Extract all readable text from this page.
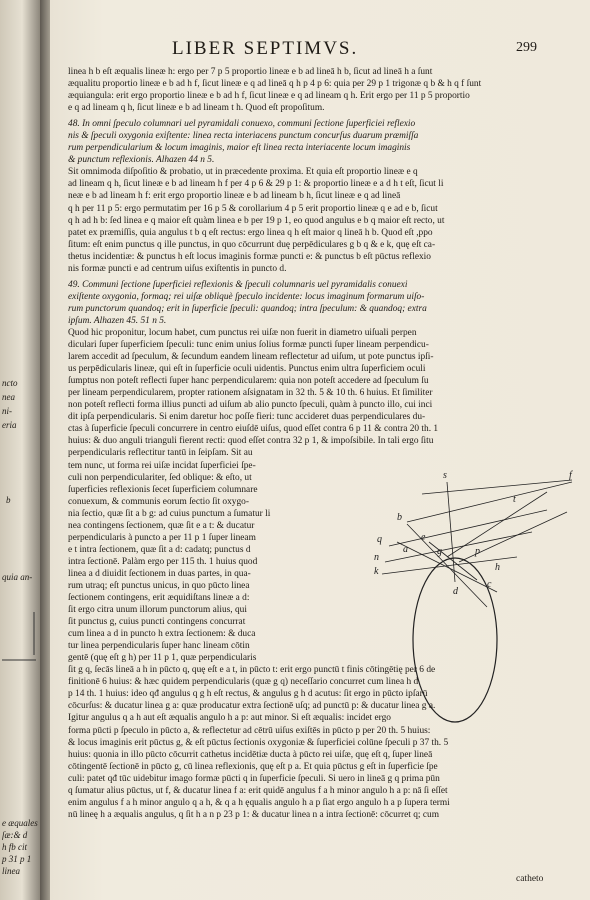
ncto
nea
ni-
eria
b
quia an-
e æquales
ſæ:& d
h fb cit
p 31 p 1
linea
LIBER SEPTIMVS.	299
linea h b eſt æqualis lineæ h: ergo per 7 p 5 proportio lineæ e b ad lineā h b, ſicut ad lineā h a ſunt
æqualitu proportio lineæ e b ad h f, ſicut lineæ e q ad lineā q h p 4 p 6: quia per 29 p 1 trigonæ q b & h q f ſunt
æquiangula: erit ergo proportio lineæ e b ad h f, ſicut lineæ e q ad lineam q h. Erit ergo per 11 p 5 proportio
e q ad lineam q h, ſicut lineæ e b ad lineam t h. Quod eſt propoſitum.
48. In omni ſpeculo columnari uel pyramidali conuexo, communi ſectione ſuperficiei reflexio
nis & ſpeculi oxygonia exiſtente: linea recta interiacens punctum concurſus duarum præmiſſa
rum perpendicularium & locum imaginis, maior eſt linea recta interiacente locum imaginis
& punctum reflexionis. Alhazen 44 n 5.
Sit omnimoda diſpoſitio & probatio, ut in præcedente proxima. Et quia eſt proportio lineæ e q
ad lineam q h, ſicut lineæ e b ad lineam h f per 4 p 6 & 29 p 1: & proportio lineæ e a d h t eſt, ſicut li
neæ e b ad lineam h f: erit ergo proportio lineæ e b ad lineam b h, ſicut lineæ e q ad lineā
q h per 11 p 5: ergo permutatim per 16 p 5 & corollarium 4 p 5 erit proportio lineæ q e ad e b, ſicut
q h ad h b: ſed linea e q maior eſt quàm linea e b per 19 p 1, eo quod angulus e b q maior eſt recto, ut
patet ex præmiſſis, quia angulus t b q eſt rectus: ergo linea q h eſt maior q lineā h b. Quod eſt ,ppo
ſitum: eſt enim punctus q ille punctus, in quo cōcurrunt duę perpēdiculares g b q & e k, quę eſt ca-
thetus incidentiæ: & punctus h eſt locus imaginis formæ puncti e: & punctus b eſt pūctus reflexio
nis formæ puncti e ad centrum uiſus exiſtentis in puncto d.
49. Communi ſectione ſuperficiei reflexionis & ſpeculi columnaris uel pyramidalis conuexi
exiſtente oxygonia, formaq; rei uiſæ obliquè ſpeculo incidente: locus imaginum formarum uiſo-
rum punctorum quandoq; erit in ſuperficie ſpeculi: quandoq; intra ſpeculum: & quandoq; extra
ipſum. Alhazen 45. 51 n 5.
Quod hic proponitur, locum habet, cum punctus rei uiſæ non fuerit in diametro uiſuali perpen
diculari ſuper ſuperficiem ſpeculi: tunc enim unius ſolius formæ puncti ſuper lineam perpendicu-
larem accedit ad ſpeculum, & ſecundum eandem lineam reflectetur ad uiſum, ut pote punctus ipſi-
us perpēdicularis lineæ, qui eſt in ſuperficie oculi uidentis. Punctus enim ultra ſuperficiem oculi
ſumptus non poteſt reflecti ſuper hanc perpendicularem: quia non poteſt accedere ad ſpeculum ſu
per lineam perpendicularem, propter rationem aſsignatam in 32 th. 5 & 10 th. 6 huius. Et ſimiliter
non poteſt reflecti forma illius puncti ad uiſum ab alio puncto ſpeculi, quàm à puncto illo, cui inci
dit ipſa perpendicularis. Si enim daretur hoc poſſe fieri: tunc accideret duas perpendiculares du-
ctas à ſuperficie ſpeculi concurrere in centro eiuſdē uiſus, quod eſſet contra 6 p 11 & contra 20 th. 1
huius: & duo anguli trianguli fierent recti: quod eſſet contra 32 p 1, & impoſsibile. In tali ergo ſitu
perpendicularis reflectitur tantū in ſeipſam. Sit au
tem nunc, ut forma rei uiſæ incidat ſuperficiei ſpe-
culi non perpendiculariter, ſed oblique: & eſto, ut
ſuperficies reflexionis ſecet ſuperficiem columnare
conuexum, & communis eorum ſectio ſit oxygo-
nia ſectio, quæ ſit a b g: ad cuius punctum a ſumatur li
nea contingens ſectionem, quæ ſit e a t: & ducatur
perpendicularis à puncto a per 11 p 1 ſuper lineam
e t intra ſectionem, quæ ſit a d: cadatq; punctus d
intra ſectionē. Palàm ergo per 115 th. 1 huius quod
linea a d diuidit ſectionem in duas partes, in qua-
rum utraq; eſt punctus unicus, in quo pūcto linea
ſectionem contingens, erit æquidiſtans lineæ a d:
ſit ergo citra unum illorum punctorum alius, qui
ſit punctus g, cuius puncti contingens concurrat
cum linea a d in puncto h extra ſectionem: & duca
tur linea perpendicularis ſuper hanc lineam cōtin
gentē (quę eſt g h) per 11 p 1, quæ perpendicularis
ſit g q, ſecās lineā a h in pūcto q, quę eſt e a t, in pūcto t: erit ergo punctū t finis cōtingētię per 6 de
finitionē 6 huius: & hæc quidem perpendicularis (quæ g q) neceſſario concurret cum linea h d
p 14 th. 1 huius: ideo qđ angulus q g h eſt rectus, & angulus g h d acutus: ſit ergo in pūcto ipſarū
cōcurſus: & ducatur linea g a: quæ producatur extra ſectionē uſq; ad punctū p: & ducatur linea g a.
Igitur angulus q a h aut eſt æqualis angulo h a p: aut minor. Si eſt æqualis: incidet ergo
forma pūcti p ſpeculo in pūcto a, & reflectetur ad cētrū uiſus exiſtēs in pūcto p per 20 th. 5 huius:
& locus imaginis erit pūctus g, & eſt pūctus ſectionis oxygoniæ & ſuperficiei colūne ſpeculi p 37 th. 5
huius: quonia in illo pūcto cōcurrit cathetus incidētiæ ducta à pūcto rei uiſæ, quę eſt q, ſuper lineā
cōtingentē ſectionē in pūcto g, cū linea reflexionis, quę eſt p a. Et quia pūctus g eſt in ſuperficie ſpe
culi: patet qđ tūc uidebitur imago formæ pūcti q in ſuperficie ſpeculi. Si uero in lineā g q prima pūn
q ſumatur alius pūctus, ut f, & ducatur linea f a: erit quidē angulus f a h minor angulo h a p: nā ſi eſſet
enim angulus f a h minor angulo q a h, & q a h ęqualis angulo h a p ſiat ergo angulo h a p ſupera termi
nū lineę h a æqualis angulus, q ſit h a n p 23 p 1: & ducatur linea n a intra ſectionē: cōcurret q; cum
f
s
b
q
n
k
a
e
g	p
c
d
h
t
catheto
